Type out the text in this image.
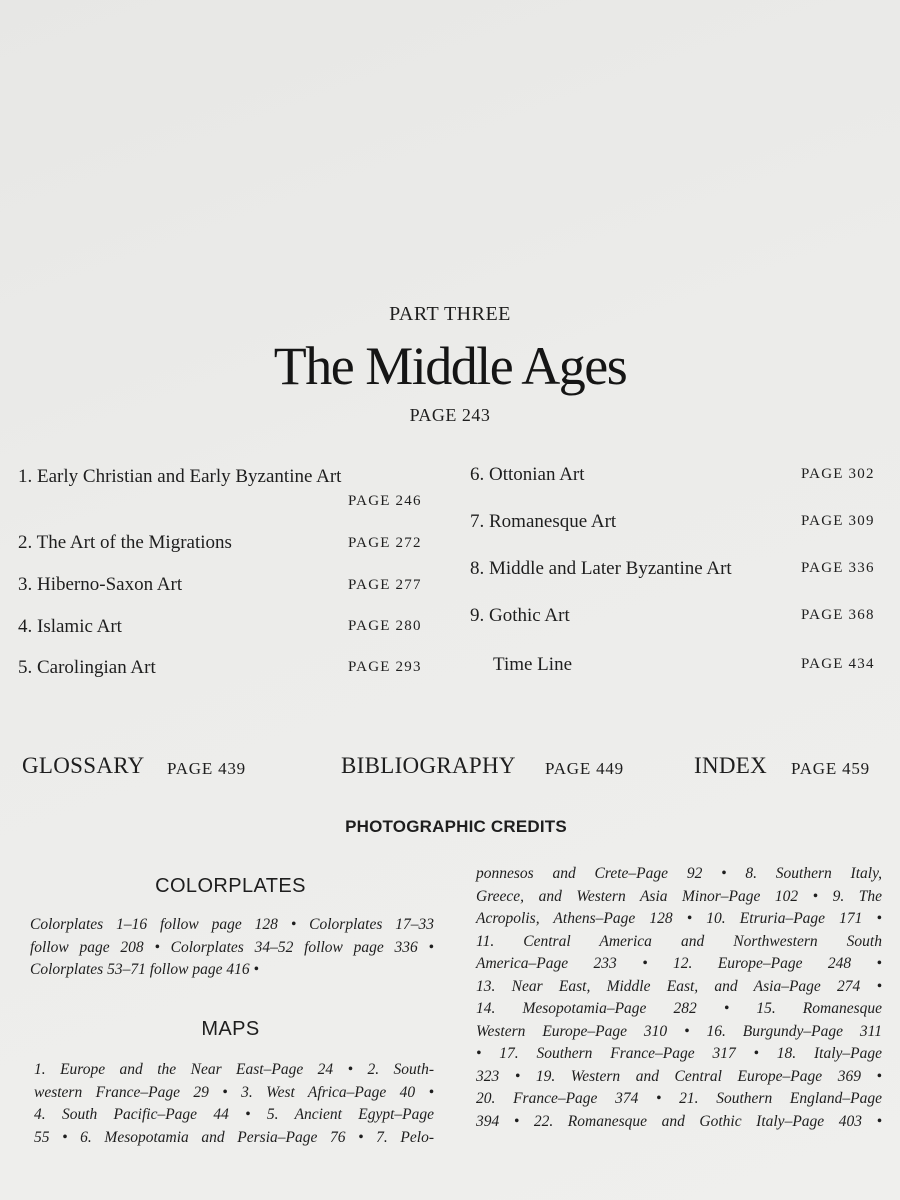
PART THREE
The Middle Ages
PAGE 243
1. Early Christian and Early Byzantine Art
PAGE 246
2. The Art of the Migrations	PAGE 272
3. Hiberno-Saxon Art	PAGE 277
4. Islamic Art	PAGE 280
5. Carolingian Art	PAGE 293
6. Ottonian Art	PAGE 302
7. Romanesque Art	PAGE 309
8. Middle and Later Byzantine Art	PAGE 336
9. Gothic Art	PAGE 368
Time Line	PAGE 434
GLOSSARY PAGE 439	BIBLIOGRAPHY PAGE 449	INDEX PAGE 459
PHOTOGRAPHIC CREDITS
COLORPLATES
Colorplates 1–16 follow page 128 • Colorplates 17–33
follow page 208 • Colorplates 34–52 follow page 336 •
Colorplates 53–71 follow page 416 •
MAPS
1. Europe and the Near East–Page 24 • 2. South-
western France–Page 29 • 3. West Africa–Page 40 •
4. South Pacific–Page 44 • 5. Ancient Egypt–Page
55 • 6. Mesopotamia and Persia–Page 76 • 7. Pelo-
ponnesos and Crete–Page 92 • 8. Southern Italy,
Greece, and Western Asia Minor–Page 102 • 9. The
Acropolis, Athens–Page 128 • 10. Etruria–Page 171 •
11. Central America and Northwestern South
America–Page 233 • 12. Europe–Page 248 •
13. Near East, Middle East, and Asia–Page 274 •
14. Mesopotamia–Page 282 • 15. Romanesque
Western Europe–Page 310 • 16. Burgundy–Page 311
• 17. Southern France–Page 317 • 18. Italy–Page
323 • 19. Western and Central Europe–Page 369 •
20. France–Page 374 • 21. Southern England–Page
394 • 22. Romanesque and Gothic Italy–Page 403 •
